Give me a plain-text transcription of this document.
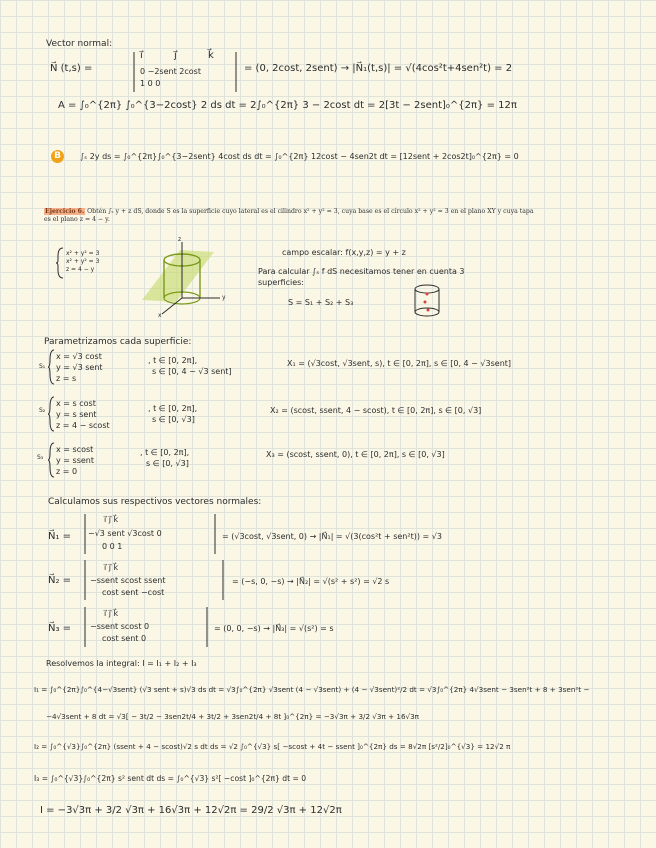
Vector normal:
N⃗ (t,s) =
i⃗	j⃗	k⃗
0 −2sent 2cost
1 0 0
= (0, 2cost, 2sent) → |N⃗₁(t,s)| = √(4cos²t+4sen²t) = 2
A = ∫₀^{2π} ∫₀^{3−2cost} 2 ds dt = 2∫₀^{2π} 3 − 2cost dt = 2[3t − 2sent]₀^{2π} = 12π
B	∫ₛ 2y ds = ∫₀^{2π}∫₀^{3−2sent} 4cost ds dt = ∫₀^{2π} 12cost − 4sen2t dt = [12sent + 2cos2t]₀^{2π} = 0
Ejercicio 6. Obtén ∫ₛ y + z dS, donde S es la superficie cuyo lateral es el cilindro x² + y² = 3, cuya base es el círculo x² + y² = 3 en el plano XY y cuya tapa es el plano z = 4 − y.
x² + y² = 3
x² + y² = 3
z = 4 − y
z
y
x
campo escalar: f(x,y,z) = y + z
Para calcular ∫ₛ f dS necesitamos tener en cuenta 3
superficies:
S = S₁ + S₂ + S₃
Parametrizamos cada superficie:
S₁
x = √3 cost
y = √3 sent
z = s
, t ∈ [0, 2π],
s ∈ [0, 4 − √3 sent]
X₁ = (√3cost, √3sent, s), t ∈ [0, 2π], s ∈ [0, 4 − √3sent]
S₂
x = s cost
y = s sent
z = 4 − scost
, t ∈ [0, 2π],
s ∈ [0, √3]
X₂ = (scost, ssent, 4 − scost), t ∈ [0, 2π], s ∈ [0, √3]
S₃
x = scost
y = ssent
z = 0
, t ∈ [0, 2π],
s ∈ [0, √3]
X₃ = (scost, ssent, 0), t ∈ [0, 2π], s ∈ [0, √3]
Calculamos sus respectivos vectores normales:
N⃗₁ =
i⃗ j⃗ k⃗
−√3 sent √3cost 0
0 0 1
= (√3cost, √3sent, 0) → |N⃗₁| = √(3(cos²t + sen²t)) = √3
N⃗₂ =
i⃗ j⃗ k⃗
−ssent scost ssent
cost sent −cost
= (−s, 0, −s) → |N⃗₂| = √(s² + s²) = √2 s
N⃗₃ =
i⃗ j⃗ k⃗
−ssent scost 0
cost sent 0
= (0, 0, −s) → |N⃗₃| = √(s²) = s
Resolvemos la integral: I = I₁ + I₂ + I₃
I₁ = ∫₀^{2π}∫₀^{4−√3sent} (√3 sent + s)√3 ds dt = √3∫₀^{2π} √3sent (4 − √3sent) + (4 − √3sent)²/2 dt = √3∫₀^{2π} 4√3sent − 3sen²t + 8 + 3sen²t −
−4√3sent + 8 dt = √3[ − 3t/2 − 3sen2t/4 + 3t/2 + 3sen2t/4 + 8t ]₀^{2π} = −3√3π + 3/2 √3π + 16√3π
I₂ = ∫₀^{√3}∫₀^{2π} (ssent + 4 − scost)√2 s dt ds = √2 ∫₀^{√3} s[ −scost + 4t − ssent ]₀^{2π} ds = 8√2π [s²/2]₀^{√3} = 12√2 π
I₃ = ∫₀^{√3}∫₀^{2π} s² sent dt ds = ∫₀^{√3} s²[ −cost ]₀^{2π} dt = 0
I = −3√3π + 3/2 √3π + 16√3π + 12√2π = 29/2 √3π + 12√2π
